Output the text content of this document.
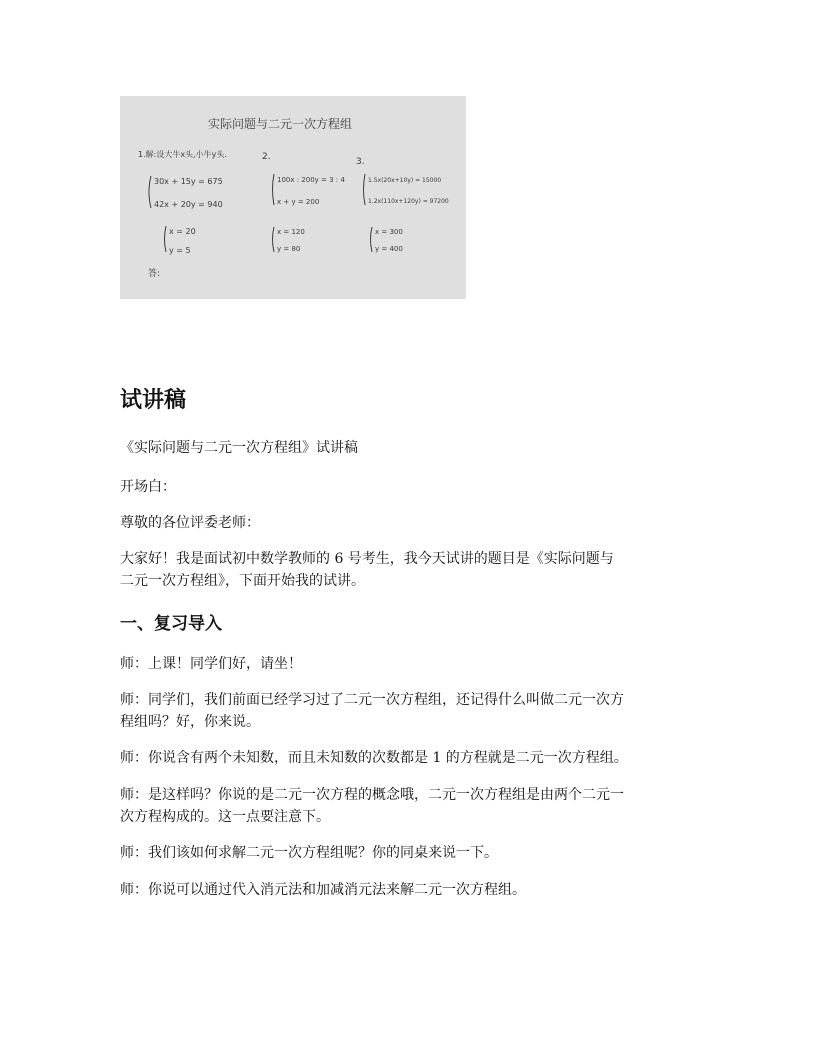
实际问题与二元一次方程组
1.解:设大牛x头,小牛y头.
30x + 15y = 675
42x + 20y = 940
x = 20
y = 5
答:
2.
100x : 200y = 3 : 4
x + y = 200
x = 120
y = 80
3.
1.5x(20x+10y) = 15000
1.2x(110x+120y) = 97200
x = 300
y = 400
试讲稿

《实际问题与二元一次方程组》试讲稿

开场白：

尊敬的各位评委老师：

大家好！我是面试初中数学教师的 6 号考生，我今天试讲的题目是《实际问题与
二元一次方程组》，下面开始我的试讲。

一、复习导入

师：上课！同学们好，请坐！

师：同学们，我们前面已经学习过了二元一次方程组，还记得什么叫做二元一次方
程组吗？好，你来说。

师：你说含有两个未知数，而且未知数的次数都是 1 的方程就是二元一次方程组。

师：是这样吗？你说的是二元一次方程的概念哦，二元一次方程组是由两个二元一
次方程构成的。这一点要注意下。

师：我们该如何求解二元一次方程组呢？你的同桌来说一下。

师：你说可以通过代入消元法和加减消元法来解二元一次方程组。
